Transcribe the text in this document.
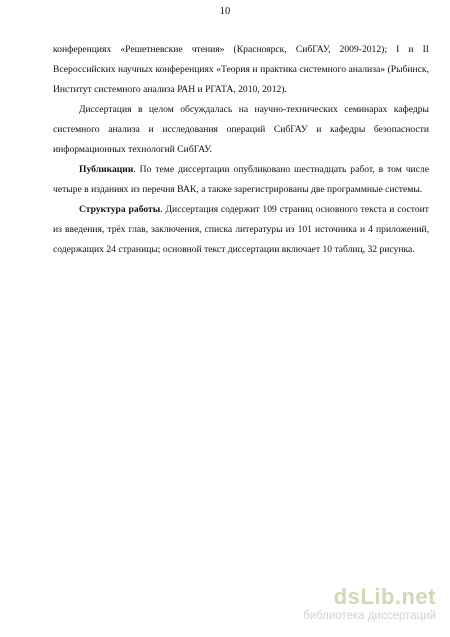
10

конференциях «Решетневские чтения» (Красноярск, СибГАУ, 2009-2012); I и II Всероссийских научных конференциях «Теория и практика системного анализа» (Рыбинск, Институт системного анализа РАН и РГАТА, 2010, 2012).

Диссертация в целом обсуждалась на научно-технических семинарах кафедры системного анализа и исследования операций СибГАУ и кафедры безопасности информационных технологий СибГАУ.

Публикации. По теме диссертации опубликовано шестнадцать работ, в том числе четыре в изданиях из перечня ВАК, а также зарегистрированы две программные системы.

Структура работы. Диссертация содержит 109 страниц основного текста и состоит из введения, трёх глав, заключения, списка литературы из 101 источника и 4 приложений, содержащих 24 страницы; основной текст диссертации включает 10 таблиц, 32 рисунка.

dsLib.net
библиотека диссертаций
